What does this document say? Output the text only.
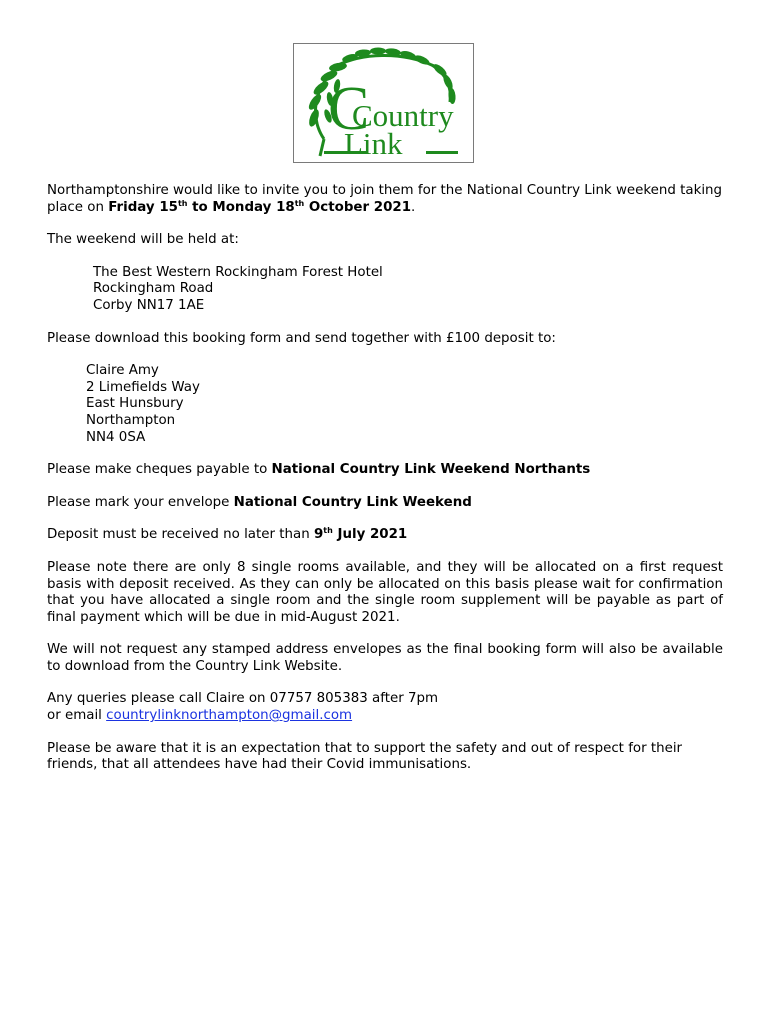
C
Country
Link

Northamptonshire would like to invite you to join them for the National Country Link weekend taking place on Friday 15th to Monday 18th October 2021.

The weekend will be held at:

The Best Western Rockingham Forest Hotel

Rockingham Road

Corby NN17 1AE

Please download this booking form and send together with £100 deposit to:

Claire Amy

2 Limefields Way

East Hunsbury

Northampton

NN4 0SA

Please make cheques payable to National Country Link Weekend Northants

Please mark your envelope National Country Link Weekend

Deposit must be received no later than 9th July 2021

Please note there are only 8 single rooms available, and they will be allocated on a first request basis with deposit received. As they can only be allocated on this basis please wait for confirmation that you have allocated a single room and the single room supplement will be payable as part of final payment which will be due in mid-August 2021.

We will not request any stamped address envelopes as the final booking form will also be available to download from the Country Link Website.

Any queries please call Claire on 07757 805383 after 7pm

or email countrylinknorthampton@gmail.com

Please be aware that it is an expectation that to support the safety and out of respect for their friends, that all attendees have had their Covid immunisations.
